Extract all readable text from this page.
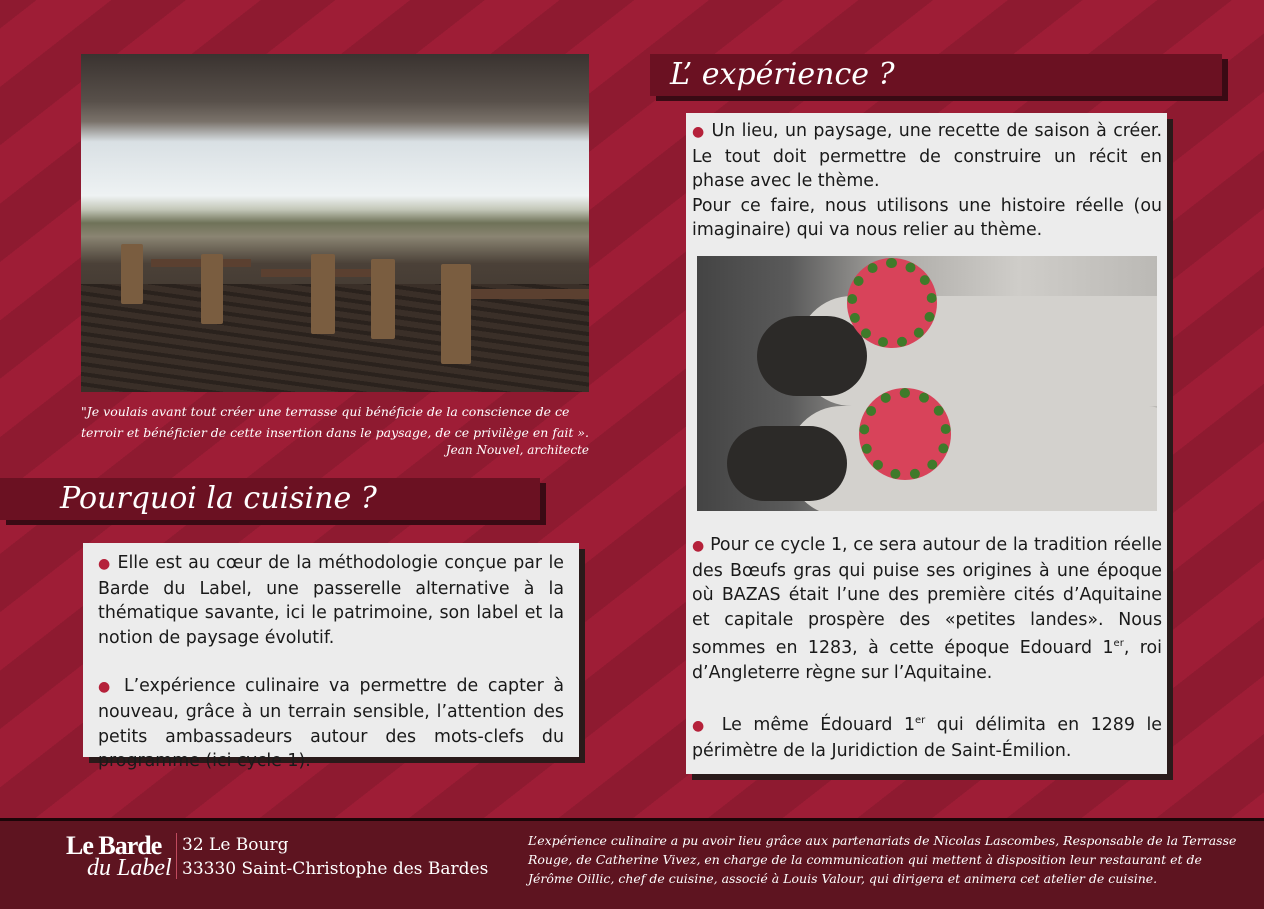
"Je voulais avant tout créer une terrasse qui bénéficie de la conscience de ce terroir et bénéficier de cette insertion dans le paysage, de ce privilège en fait ».
Jean Nouvel, architecte
Pourquoi la cuisine ?
L’ expérience ?

● Elle est au cœur de la méthodologie conçue par le Barde du Label, une passerelle alternative à la thématique savante, ici le patrimoine, son label et la notion de paysage évolutif.

● L’expérience culinaire va permettre de capter à nouveau, grâce à un terrain sensible, l’attention des petits ambassadeurs autour des mots-clefs du programme (ici cycle 1).

● Un lieu, un paysage, une recette de saison à créer. Le tout doit permettre de construire un récit en phase avec le thème.

Pour ce faire, nous utilisons une histoire réelle (ou imaginaire) qui va nous relier au thème.

● Pour ce cycle 1, ce sera autour de la tradition réelle des Bœufs gras qui puise ses origines à une époque où BAZAS était l’une des première cités d’Aquitaine et capitale prospère des «petites landes». Nous sommes en 1283, à cette époque Edouard 1er, roi d’Angleterre règne sur l’Aquitaine.

● Le même Édouard 1er qui délimita en 1289 le périmètre de la Juridiction de Saint-Émilion.

Le Barde
du Label
32 Le Bourg
33330 Saint-Christophe des Bardes
L’expérience culinaire a pu avoir lieu grâce aux partenariats de Nicolas Lascombes, Responsable de la Terrasse Rouge, de Catherine Vivez, en charge de la communication qui mettent à disposition leur restaurant et de Jérôme Oillic, chef de cuisine, associé à Louis Valour, qui dirigera et animera cet atelier de cuisine.
